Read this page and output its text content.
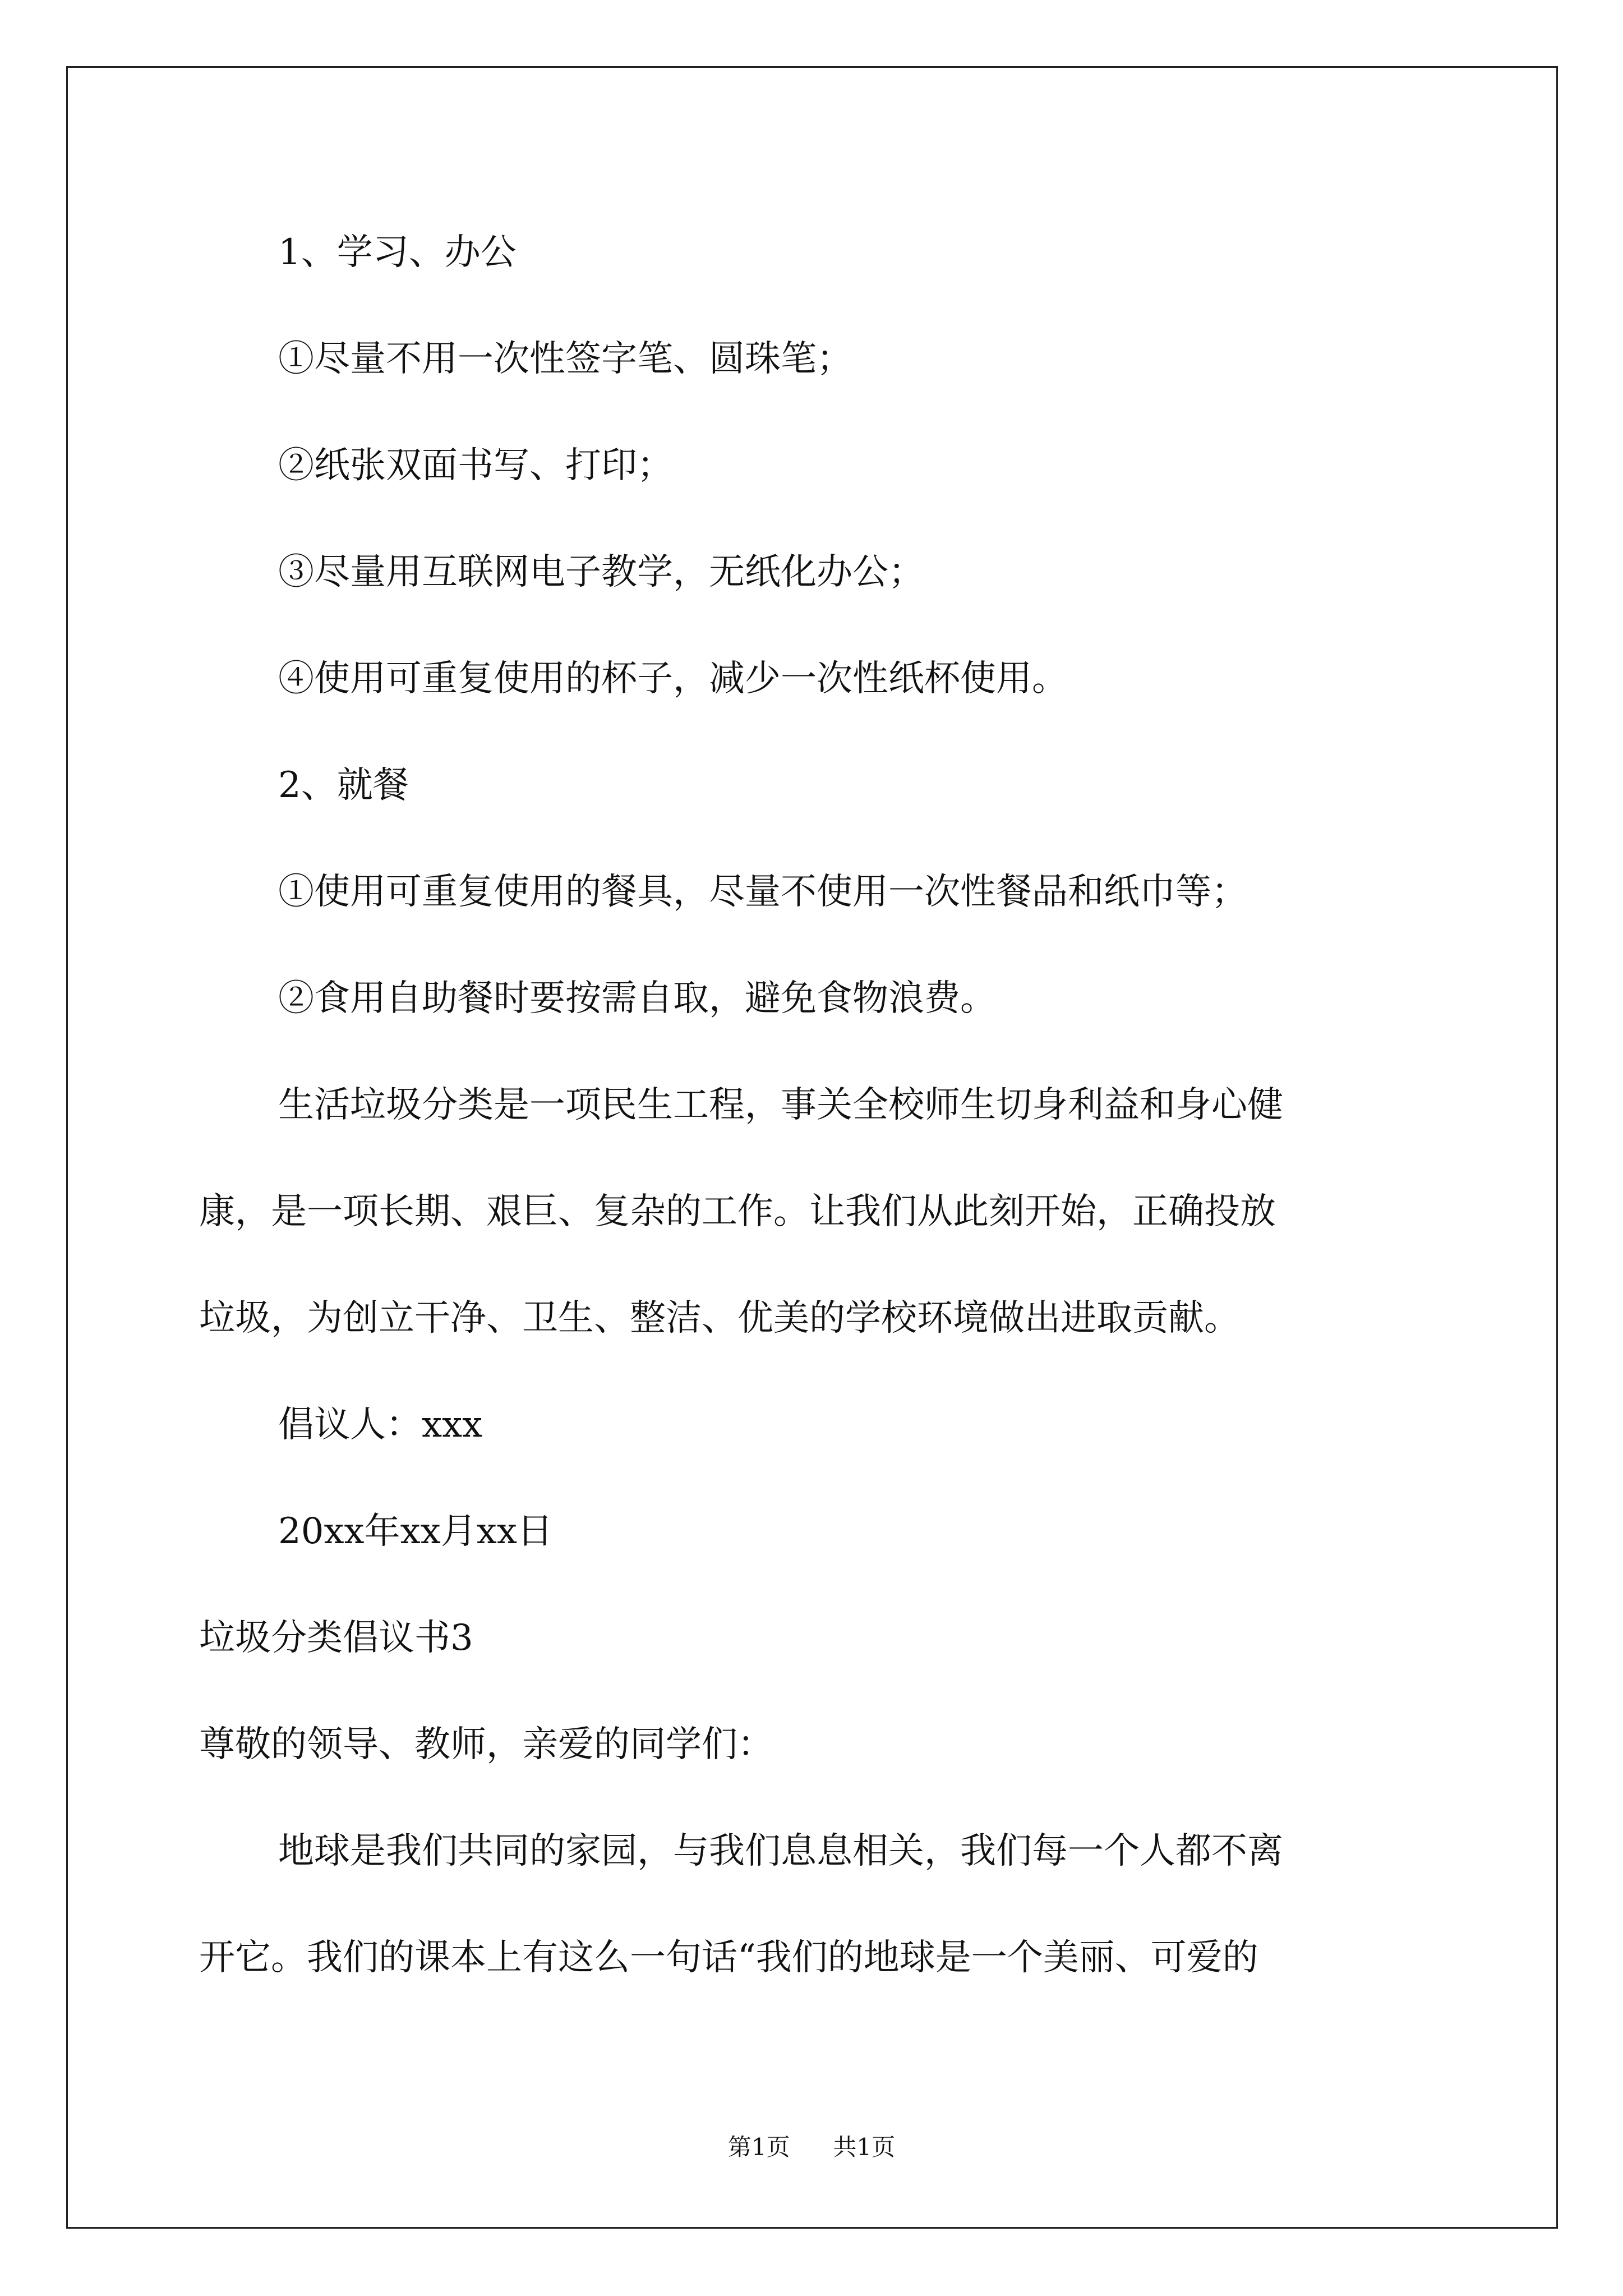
1、学习、办公
①尽量不用一次性签字笔、圆珠笔；
②纸张双面书写、打印；
③尽量用互联网电子教学，无纸化办公；
④使用可重复使用的杯子，减少一次性纸杯使用。
2、就餐
①使用可重复使用的餐具，尽量不使用一次性餐品和纸巾等；
②食用自助餐时要按需自取，避免食物浪费。
生活垃圾分类是一项民生工程，事关全校师生切身利益和身心健
康，是一项长期、艰巨、复杂的工作。让我们从此刻开始，正确投放
垃圾，为创立干净、卫生、整洁、优美的学校环境做出进取贡献。
倡议人：xxx
20xx年xx月xx日
垃圾分类倡议书3
尊敬的领导、教师，亲爱的同学们：
地球是我们共同的家园，与我们息息相关，我们每一个人都不离
开它。我们的课本上有这么一句话“我们的地球是一个美丽、可爱的
第1页 共1页
